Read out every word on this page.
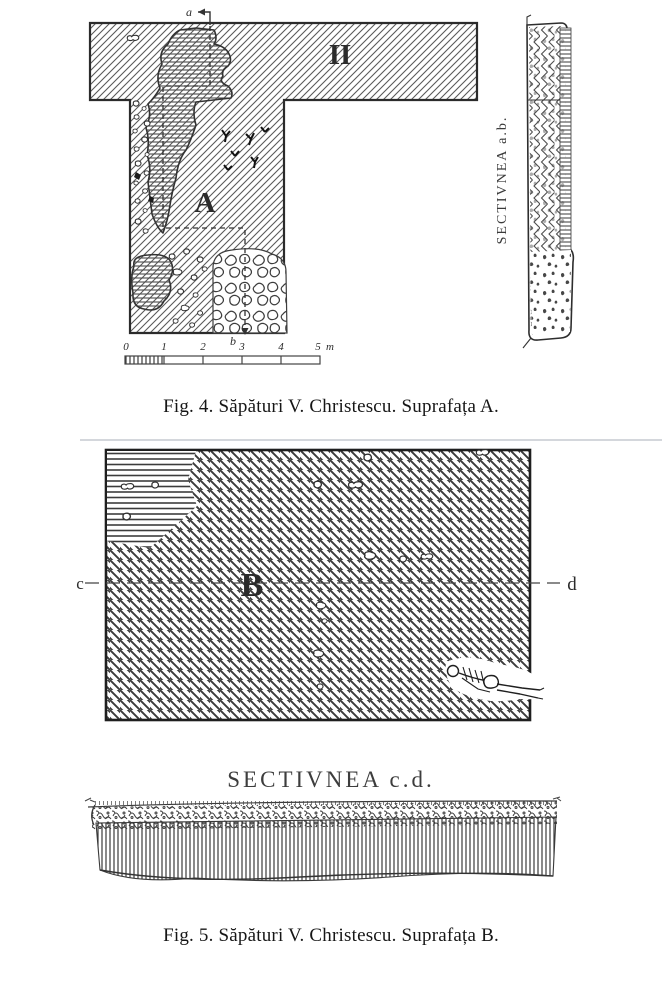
II
A
a
b
0	1	2	3	4	5 m
SECTIVNEA a.b.
c	d
B
Fig. 4. Săpături V. Christescu. Suprafața A.
SECTIVNEA c.d.
Fig. 5. Săpături V. Christescu. Suprafața B.
